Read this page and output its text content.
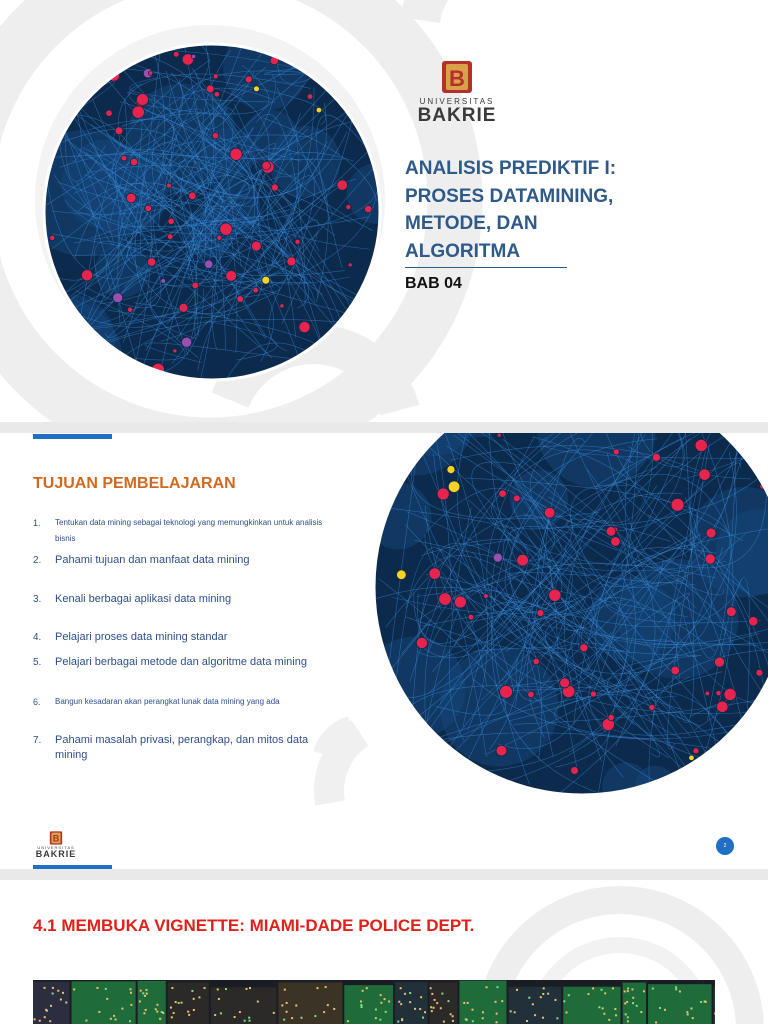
B
UNIVERSITAS
BAKRIE
ANALISIS PREDIKTIF I:
PROSES DATAMINING,
METODE, DAN
ALGORITMA
BAB 04
TUJUAN PEMBELAJARAN
1. Tentukan data mining sebagai teknologi yang memungkinkan untuk analisis bisnis
2. Pahami tujuan dan manfaat data mining
3. Kenali berbagai aplikasi data mining
4. Pelajari proses data mining standar
5. Pelajari berbagai metode dan algoritme data mining
6. Bangun kesadaran akan perangkat lunak data mining yang ada
7. Pahami masalah privasi, perangkap, dan mitos data mining
B
UNIVERSITAS
BAKRIE
2
4.1 MEMBUKA VIGNETTE: MIAMI-DADE POLICE DEPT.
